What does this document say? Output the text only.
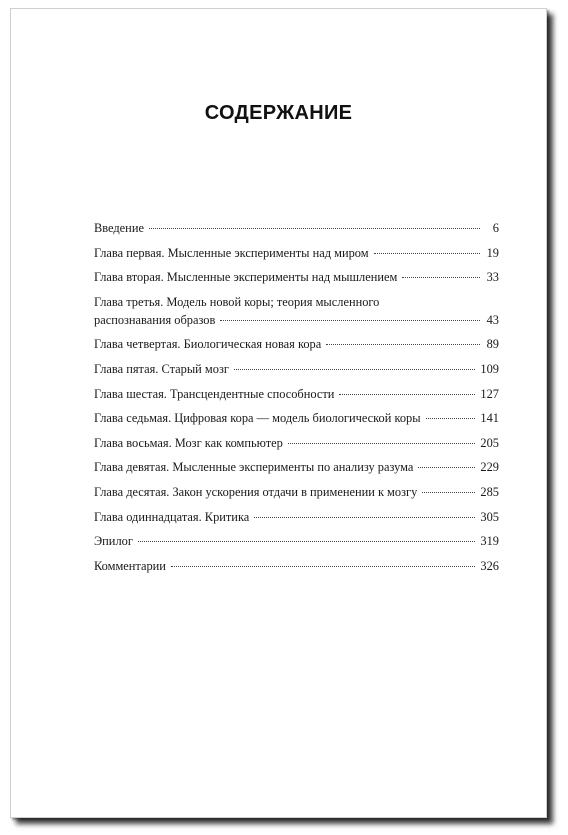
СОДЕРЖАНИЕ
Введение	6
Глава первая. Мысленные эксперименты над миром	19
Глава вторая. Мысленные эксперименты над мышлением	33
Глава третья. Модель новой коры; теория мысленного
распознавания образов	43
Глава четвертая. Биологическая новая кора	89
Глава пятая. Старый мозг	109
Глава шестая. Трансцендентные способности	127
Глава седьмая. Цифровая кора — модель биологической коры	141
Глава восьмая. Мозг как компьютер	205
Глава девятая. Мысленные эксперименты по анализу разума	229
Глава десятая. Закон ускорения отдачи в применении к мозгу	285
Глава одиннадцатая. Критика	305
Эпилог	319
Комментарии	326
